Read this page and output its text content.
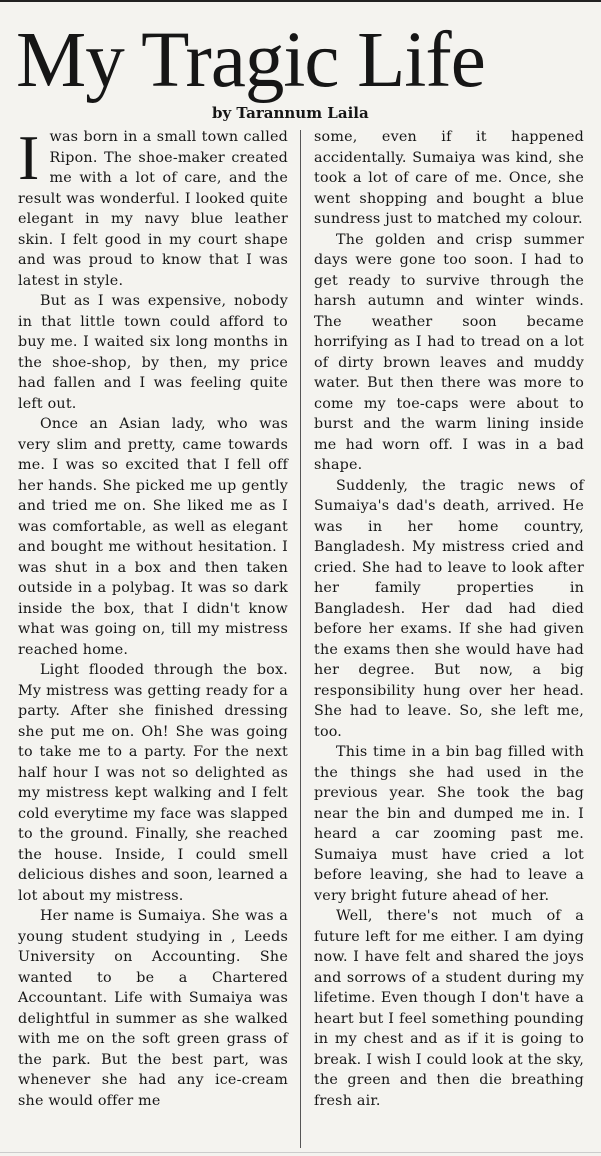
My Tragic Life
by Tarannum Laila

Iwas born in a small town called Ripon. The shoe-maker created me with a lot of care, and the result was wonderful. I looked quite elegant in my navy blue leather skin. I felt good in my court shape and was proud to know that I was latest in style.

But as I was expensive, nobody in that little town could afford to buy me. I waited six long months in the shoe-shop, by then, my price had fallen and I was feeling quite left out.

Once an Asian lady, who was very slim and pretty, came towards me. I was so excited that I fell off her hands. She picked me up gently and tried me on. She liked me as I was comfortable, as well as elegant and bought me without hesitation. I was shut in a box and then taken outside in a polybag. It was so dark inside the box, that I didn't know what was going on, till my mistress reached home.

Light flooded through the box. My mistress was getting ready for a party. After she finished dressing she put me on. Oh! She was going to take me to a party. For the next half hour I was not so delighted as my mistress kept walking and I felt cold everytime my face was slapped to the ground. Finally, she reached the house. Inside, I could smell delicious dishes and soon, learned a lot about my mistress.

Her name is Sumaiya. She was a young student studying in , Leeds University on Accounting. She wanted to be a Chartered Accountant. Life with Sumaiya was delightful in summer as she walked with me on the soft green grass of the park. But the best part, was whenever she had any ice-cream she would offer me

some, even if it happened accidentally. Sumaiya was kind, she took a lot of care of me. Once, she went shopping and bought a blue sundress just to matched my colour.

The golden and crisp summer days were gone too soon. I had to get ready to survive through the harsh autumn and winter winds. The weather soon became horrifying as I had to tread on a lot of dirty brown leaves and muddy water. But then there was more to come my toe-caps were about to burst and the warm lining inside me had worn off. I was in a bad shape.

Suddenly, the tragic news of Sumaiya's dad's death, arrived. He was in her home country, Bangladesh. My mistress cried and cried. She had to leave to look after her family properties in Bangladesh. Her dad had died before her exams. If she had given the exams then she would have had her degree. But now, a big responsibility hung over her head. She had to leave. So, she left me, too.

This time in a bin bag filled with the things she had used in the previous year. She took the bag near the bin and dumped me in. I heard a car zooming past me. Sumaiya must have cried a lot before leaving, she had to leave a very bright future ahead of her.

Well, there's not much of a future left for me either. I am dying now. I have felt and shared the joys and sorrows of a student during my lifetime. Even though I don't have a heart but I feel something pounding in my chest and as if it is going to break. I wish I could look at the sky, the green and then die breathing fresh air.
